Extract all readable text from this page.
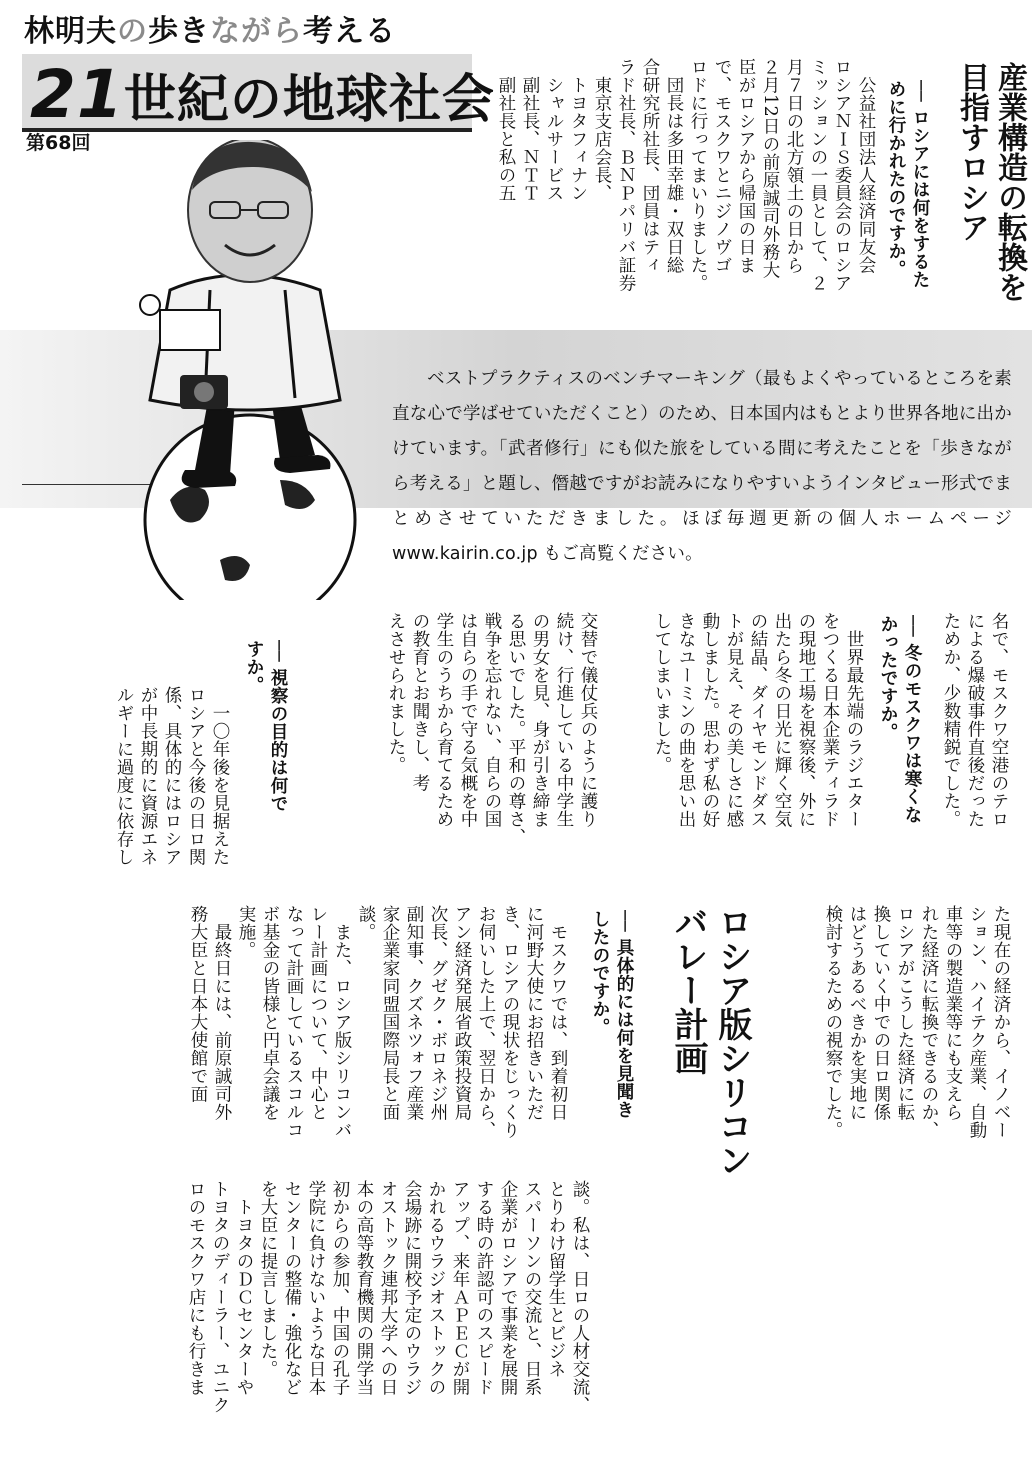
林明夫の歩きながら考える
21世紀の地球社会
第68回
ベストプラクティスのベンチマーキング（最もよくやっているところを素直な心で学ばせていただくこと）のため、日本国内はもとより世界各地に出かけています。「武者修行」にも似た旅をしている間に考えたことを「歩きながら考える」と題し、僭越ですがお読みになりやすいようインタビュー形式でまとめさせていただきました。ほぼ毎週更新の個人ホームページ www.kairin.co.jp もご高覧ください。
産業構造の転換を
目指すロシア
── ロシアには何をするた
めに行かれたのですか。
　公益社団法人経済同友会
ロシアＮＩＳ委員会のロシア
ミッションの一員として、２
月７日の北方領土の日から
２月12日の前原誠司外務大
臣がロシアから帰国の日ま
で、モスクワとニジノヴゴ
ロドに行ってまいりました。
　団長は多田幸雄・双日総
合研究所社長、団員はティ
ラド社長、ＢＮＰパリバ証券
　東京支店会長、
　トヨタフィナン
　シャルサービス
　副社長、ＮＴＴ
　副社長と私の五
名で、モスクワ空港のテロ
による爆破事件直後だった
ためか、少数精鋭でした。
── 冬のモスクワは寒くな
かったですか。
　世界最先端のラジエター
をつくる日本企業ティラド
の現地工場を視察後、外に
出たら冬の日光に輝く空気
の結晶、ダイヤモンドダス
トが見え、その美しさに感
動しました。思わず私の好
きなユーミンの曲を思い出
してしまいました。
交替で儀仗兵のように護り
続け、行進している中学生
の男女を見、身が引き締ま
る思いでした。平和の尊さ、
戦争を忘れない、自らの国
は自らの手で守る気概を中
学生のうちから育てるため
の教育とお聞きし、考
えさせられました。
── 視察の目的は何で
すか。
　一〇年後を見据えた
ロシアと今後の日ロ関
係、具体的にはロシア
が中長期的に資源エネ
ルギーに過度に依存し
た現在の経済から、イノベー
ション、ハイテク産業、自動
車等の製造業等にも支えら
れた経済に転換できるのか、
ロシアがこうした経済に転
換していく中での日ロ関係
はどうあるべきかを実地に
検討するための視察でした。
ロシア版シリコン
バレー計画
── 具体的には何を見聞き
したのですか。
　モスクワでは、到着初日
に河野大使にお招きいただ
き、ロシアの現状をじっくり
お伺いした上で、翌日から、
アン経済発展省政策投資局
次長、グゼク・ボロネジ州
副知事、クズネツォフ産業
家企業家同盟国際局長と面
談。
　また、ロシア版シリコンバ
レー計画について、中心と
なって計画しているスコルコ
ボ基金の皆様と円卓会議を
実施。
　最終日には、前原誠司外
務大臣と日本大使館で面
談。私は、日ロの人材交流、
とりわけ留学生とビジネ
スパーソンの交流と、日系
企業がロシアで事業を展開
する時の許認可のスピード
アップ、来年ＡＰＥＣが開
かれるウラジオストックの
会場跡に開校予定のウラジ
オストック連邦大学への日
本の高等教育機関の開学当
初からの参加、中国の孔子
学院に負けないような日本
センターの整備・強化など
を大臣に提言しました。
　トヨタのＤＣセンターや
トヨタのディーラー、ユニク
ロのモスクワ店にも行きま
